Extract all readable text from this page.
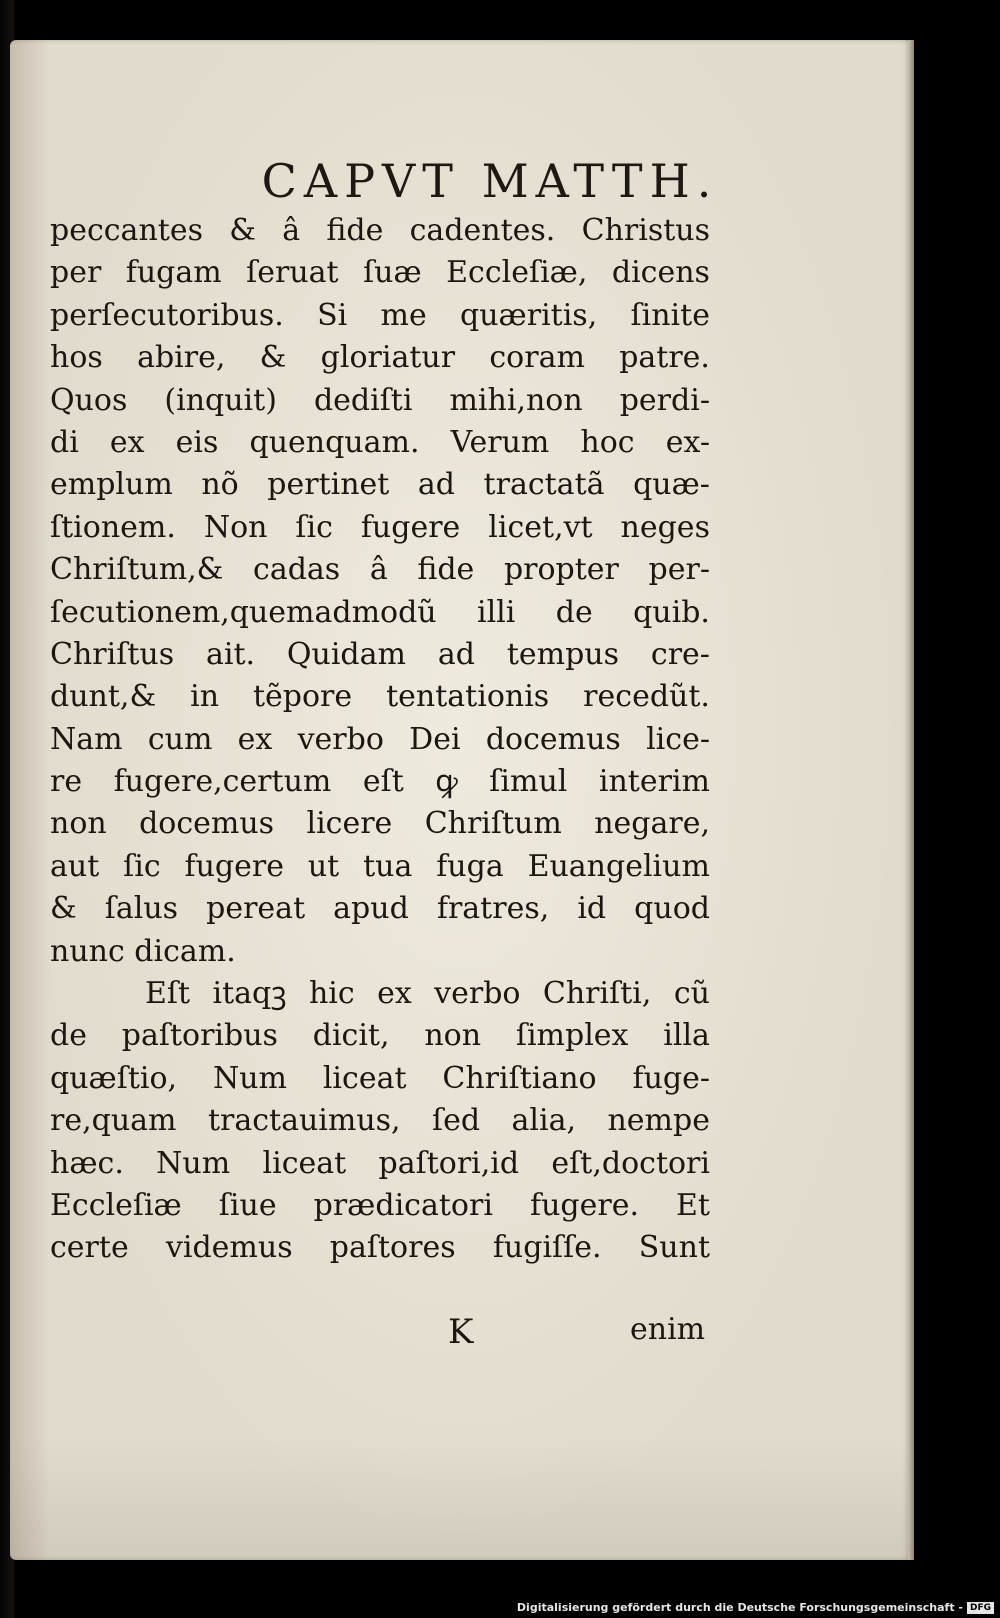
CAPVT MATTH.
peccantes & â fide cadentes. Christus
per fugam ſeruat ſuæ Eccleſiæ, dicens
perſecutoribus. Si me quæritis, ſinite
hos abire, & gloriatur coram patre.
Quos (inquit) dediſti mihi,non perdi-
di ex eis quenquam. Verum hoc ex-
emplum nõ pertinet ad tractatã quæ-
ſtionem. Non ſic fugere licet,vt neges
Chriſtum,& cadas â fide propter per-
ſecutionem,quemadmodũ illi de quib.
Chriſtus ait. Quidam ad tempus cre-
dunt,& in tẽpore tentationis recedũt.
Nam cum ex verbo Dei docemus lice-
re fugere,certum eſt ꝙ ſimul interim
non docemus licere Chriſtum negare,
aut ſic fugere ut tua fuga Euangelium
& ſalus pereat apud fratres, id quod
nunc dicam.
Eſt itaqꝫ hic ex verbo Chriſti, cũ
de paſtoribus dicit, non ſimplex illa
quæſtio, Num liceat Chriſtiano fuge-
re,quam tractauimus, ſed alia, nempe
hæc. Num liceat paſtori,id eſt,doctori
Eccleſiæ ſiue prædicatori fugere. Et
certe videmus paſtores fugiſſe. Sunt
K	enim
Digitalisierung gefördert durch die Deutsche Forschungsgemeinschaft - DFG
